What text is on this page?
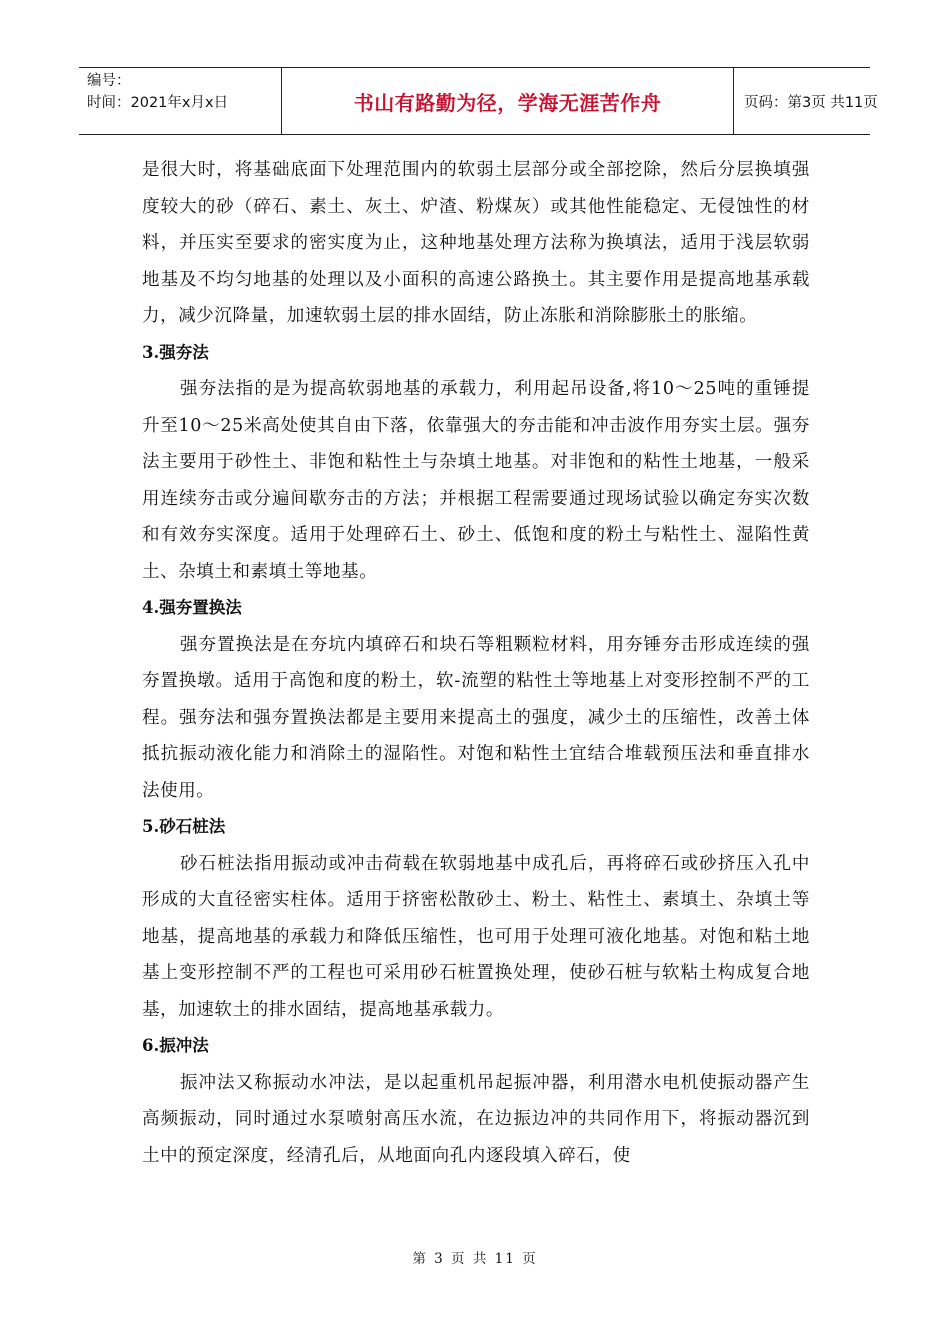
编号：
时间：2021年x月x日	书山有路勤为径，学海无涯苦作舟	页码：第3页 共11页

是很大时，将基础底面下处理范围内的软弱土层部分或全部挖除，然后分层换填强度较大的砂（碎石、素土、灰土、炉渣、粉煤灰）或其他性能稳定、无侵蚀性的材料，并压实至要求的密实度为止，这种地基处理方法称为换填法，适用于浅层软弱地基及不均匀地基的处理以及小面积的高速公路换土。其主要作用是提高地基承载力，减少沉降量，加速软弱土层的排水固结，防止冻胀和消除膨胀土的胀缩。

3.强夯法

强夯法指的是为提高软弱地基的承载力，利用起吊设备,将10～25吨的重锤提升至10～25米高处使其自由下落，依靠强大的夯击能和冲击波作用夯实土层。强夯法主要用于砂性土、非饱和粘性土与杂填土地基。对非饱和的粘性土地基，一般采用连续夯击或分遍间歇夯击的方法；并根据工程需要通过现场试验以确定夯实次数和有效夯实深度。适用于处理碎石土、砂土、低饱和度的粉土与粘性土、湿陷性黄土、杂填土和素填土等地基。

4.强夯置换法

强夯置换法是在夯坑内填碎石和块石等粗颗粒材料，用夯锤夯击形成连续的强夯置换墩。适用于高饱和度的粉土，软-流塑的粘性土等地基上对变形控制不严的工程。强夯法和强夯置换法都是主要用来提高土的强度，减少土的压缩性，改善土体抵抗振动液化能力和消除土的湿陷性。对饱和粘性土宜结合堆载预压法和垂直排水法使用。

5.砂石桩法

砂石桩法指用振动或冲击荷载在软弱地基中成孔后，再将碎石或砂挤压入孔中形成的大直径密实柱体。适用于挤密松散砂土、粉土、粘性土、素填土、杂填土等地基，提高地基的承载力和降低压缩性，也可用于处理可液化地基。对饱和粘土地基上变形控制不严的工程也可采用砂石桩置换处理，使砂石桩与软粘土构成复合地基，加速软土的排水固结，提高地基承载力。

6.振冲法

振冲法又称振动水冲法，是以起重机吊起振冲器，利用潜水电机使振动器产生高频振动，同时通过水泵喷射高压水流，在边振边冲的共同作用下，将振动器沉到土中的预定深度，经清孔后，从地面向孔内逐段填入碎石，使

第 3 页 共 11 页
